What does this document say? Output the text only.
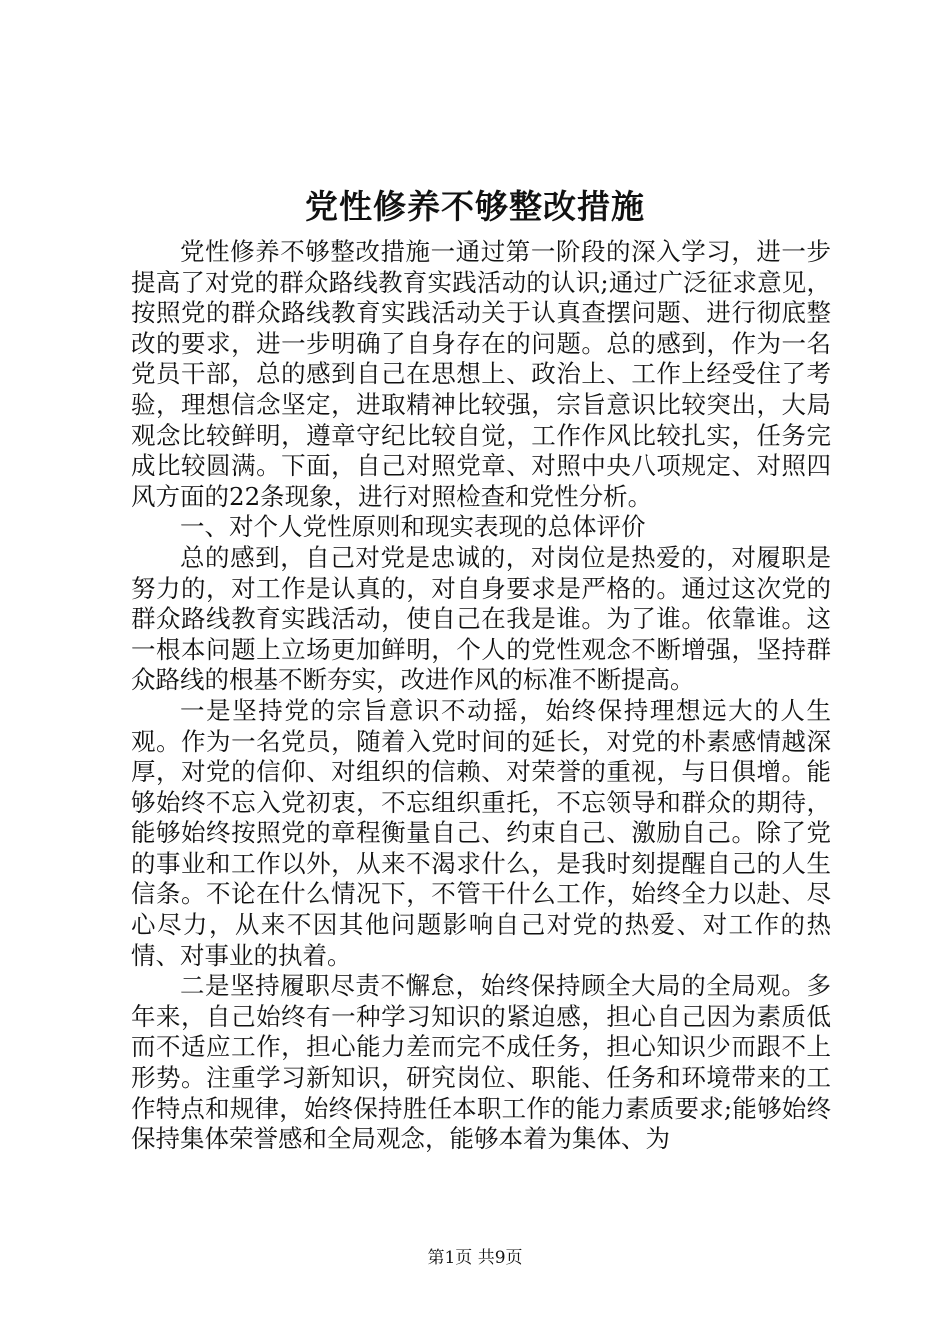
党性修养不够整改措施

党性修养不够整改措施一通过第一阶段的深入学习，进一步提高了对党的群众路线教育实践活动的认识;通过广泛征求意见，按照党的群众路线教育实践活动关于认真查摆问题、进行彻底整改的要求，进一步明确了自身存在的问题。总的感到，作为一名党员干部，总的感到自己在思想上、政治上、工作上经受住了考验，理想信念坚定，进取精神比较强，宗旨意识比较突出，大局观念比较鲜明，遵章守纪比较自觉，工作作风比较扎实，任务完成比较圆满。下面，自己对照党章、对照中央八项规定、对照四风方面的22条现象，进行对照检查和党性分析。

一、对个人党性原则和现实表现的总体评价

总的感到，自己对党是忠诚的，对岗位是热爱的，对履职是努力的，对工作是认真的，对自身要求是严格的。通过这次党的群众路线教育实践活动，使自己在我是谁。为了谁。依靠谁。这一根本问题上立场更加鲜明，个人的党性观念不断增强，坚持群众路线的根基不断夯实，改进作风的标准不断提高。

一是坚持党的宗旨意识不动摇，始终保持理想远大的人生观。作为一名党员，随着入党时间的延长，对党的朴素感情越深厚，对党的信仰、对组织的信赖、对荣誉的重视，与日俱增。能够始终不忘入党初衷，不忘组织重托，不忘领导和群众的期待，能够始终按照党的章程衡量自己、约束自己、激励自己。除了党的事业和工作以外，从来不渴求什么，是我时刻提醒自己的人生信条。不论在什么情况下，不管干什么工作，始终全力以赴、尽心尽力，从来不因其他问题影响自己对党的热爱、对工作的热情、对事业的执着。

二是坚持履职尽责不懈怠，始终保持顾全大局的全局观。多年来，自己始终有一种学习知识的紧迫感，担心自己因为素质低而不适应工作，担心能力差而完不成任务，担心知识少而跟不上形势。注重学习新知识，研究岗位、职能、任务和环境带来的工作特点和规律，始终保持胜任本职工作的能力素质要求;能够始终保持集体荣誉感和全局观念，能够本着为集体、为

第1页 共9页
